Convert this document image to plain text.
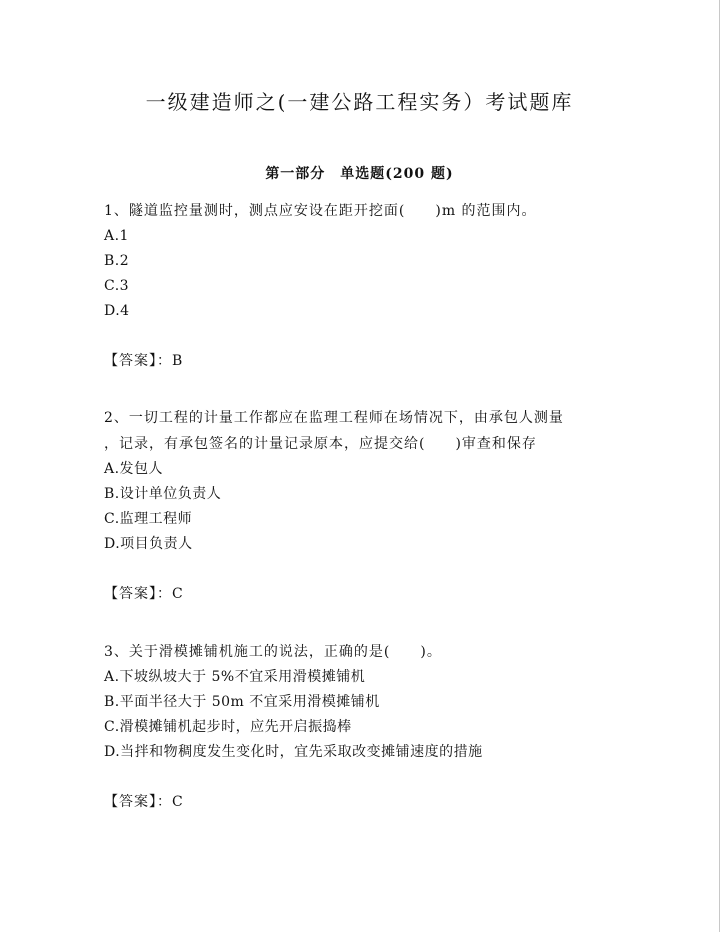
一级建造师之(一建公路工程实务）考试题库
第一部分　单选题(200 题)
1、隧道监控量测时，测点应安设在距开挖面(　　)m 的范围内。
A.1
B.2
C.3
D.4
【答案】：B
2、一切工程的计量工作都应在监理工程师在场情况下，由承包人测量
，记录，有承包签名的计量记录原本，应提交给(　　)审查和保存
A.发包人
B.设计单位负责人
C.监理工程师
D.项目负责人
【答案】：C
3、关于滑模摊铺机施工的说法，正确的是(　　)。
A.下坡纵坡大于 5%不宜采用滑模摊铺机
B.平面半径大于 50m 不宜采用滑模摊铺机
C.滑模摊铺机起步时，应先开启振捣棒
D.当拌和物稠度发生变化时，宜先采取改变摊铺速度的措施
【答案】：C
